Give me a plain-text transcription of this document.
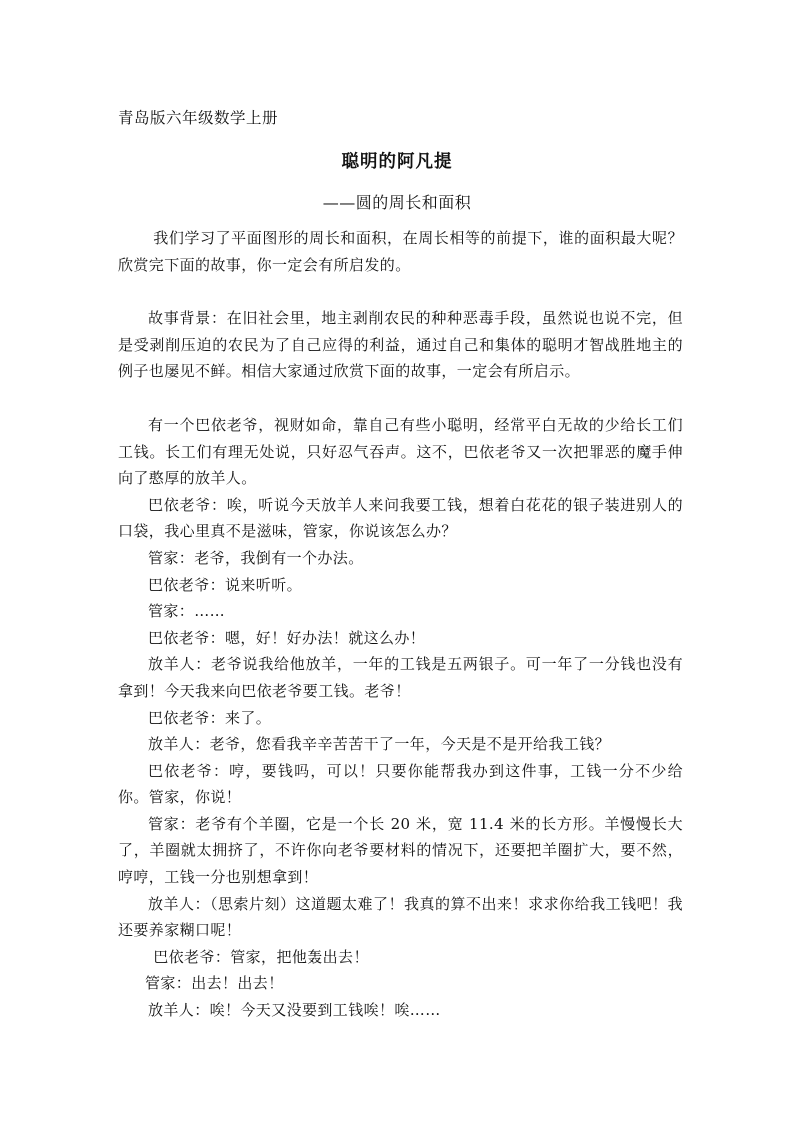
青岛版六年级数学上册
聪明的阿凡提
——圆的周长和面积

我们学习了平面图形的周长和面积，在周长相等的前提下，谁的面积最大呢？欣赏完下面的故事，你一定会有所启发的。

故事背景：在旧社会里，地主剥削农民的种种恶毒手段，虽然说也说不完，但是受剥削压迫的农民为了自己应得的利益，通过自己和集体的聪明才智战胜地主的例子也屡见不鲜。相信大家通过欣赏下面的故事，一定会有所启示。

有一个巴依老爷，视财如命，靠自己有些小聪明，经常平白无故的少给长工们工钱。长工们有理无处说，只好忍气吞声。这不，巴依老爷又一次把罪恶的魔手伸向了憨厚的放羊人。

巴依老爷：唉，听说今天放羊人来问我要工钱，想着白花花的银子装进别人的口袋，我心里真不是滋味，管家，你说该怎么办？

管家：老爷，我倒有一个办法。

巴依老爷：说来听听。

管家：……

巴依老爷：嗯，好！好办法！就这么办！

放羊人：老爷说我给他放羊，一年的工钱是五两银子。可一年了一分钱也没有拿到！今天我来向巴依老爷要工钱。老爷！

巴依老爷：来了。

放羊人：老爷，您看我辛辛苦苦干了一年，今天是不是开给我工钱？

巴依老爷：哼，要钱吗，可以！只要你能帮我办到这件事，工钱一分不少给你。管家，你说！

管家：老爷有个羊圈，它是一个长 20 米，宽 11.4 米的长方形。羊慢慢长大了，羊圈就太拥挤了，不许你向老爷要材料的情况下，还要把羊圈扩大，要不然，哼哼，工钱一分也别想拿到！

放羊人：（思索片刻）这道题太难了！我真的算不出来！求求你给我工钱吧！我还要养家糊口呢！

巴依老爷：管家，把他轰出去！

管家：出去！出去！

放羊人：唉！今天又没要到工钱唉！唉……
